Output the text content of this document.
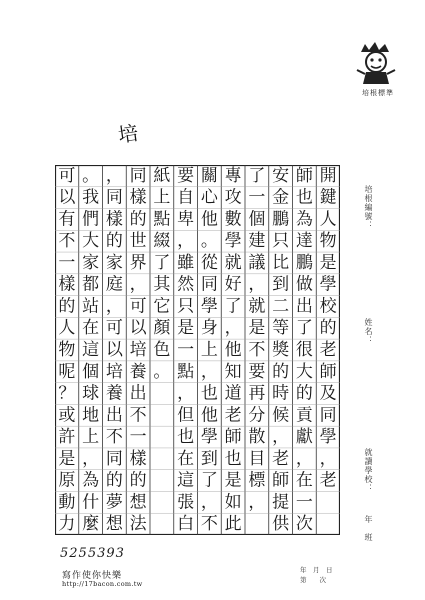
培根標準
培
培根編號：
姓名：
就讀學校：
年　班
開
鍵
人
物
是
學
校
的
老
師
及
同
學
，
老
師
也
為
達
鵬
做
出
了
很
大
的
貢
獻
，
在
一
次
安
金
鵬
只
比
到
二
等
獎
的
時
候
，
老
師
提
供
了
一
個
建
議
，
就
是
不
要
再
分
散
目
標
，
專
攻
數
學
就
好
了
，
他
知
道
老
師
也
是
如
此
關
心
他
。
從
同
學
身
上
，
也
他
學
到
了
，
不
要
自
卑
，
雖
然
只
是
一
點
，
但
也
在
這
張
白
紙
上
點
綴
了
其
它
顏
色
。
同
樣
的
世
界
，
可
以
培
養
出
不
一
樣
的
想
法
，
同
樣
的
家
庭
，
可
以
培
養
出
不
同
的
夢
想
。
我
們
大
家
都
站
在
這
個
球
地
上
，
為
什
麼
可
以
有
不
一
樣
的
人
物
呢
？
或
許
是
原
動
力
5255393
寫作使你快樂
http://17bacon.com.tw
年　月　日
第　　次
